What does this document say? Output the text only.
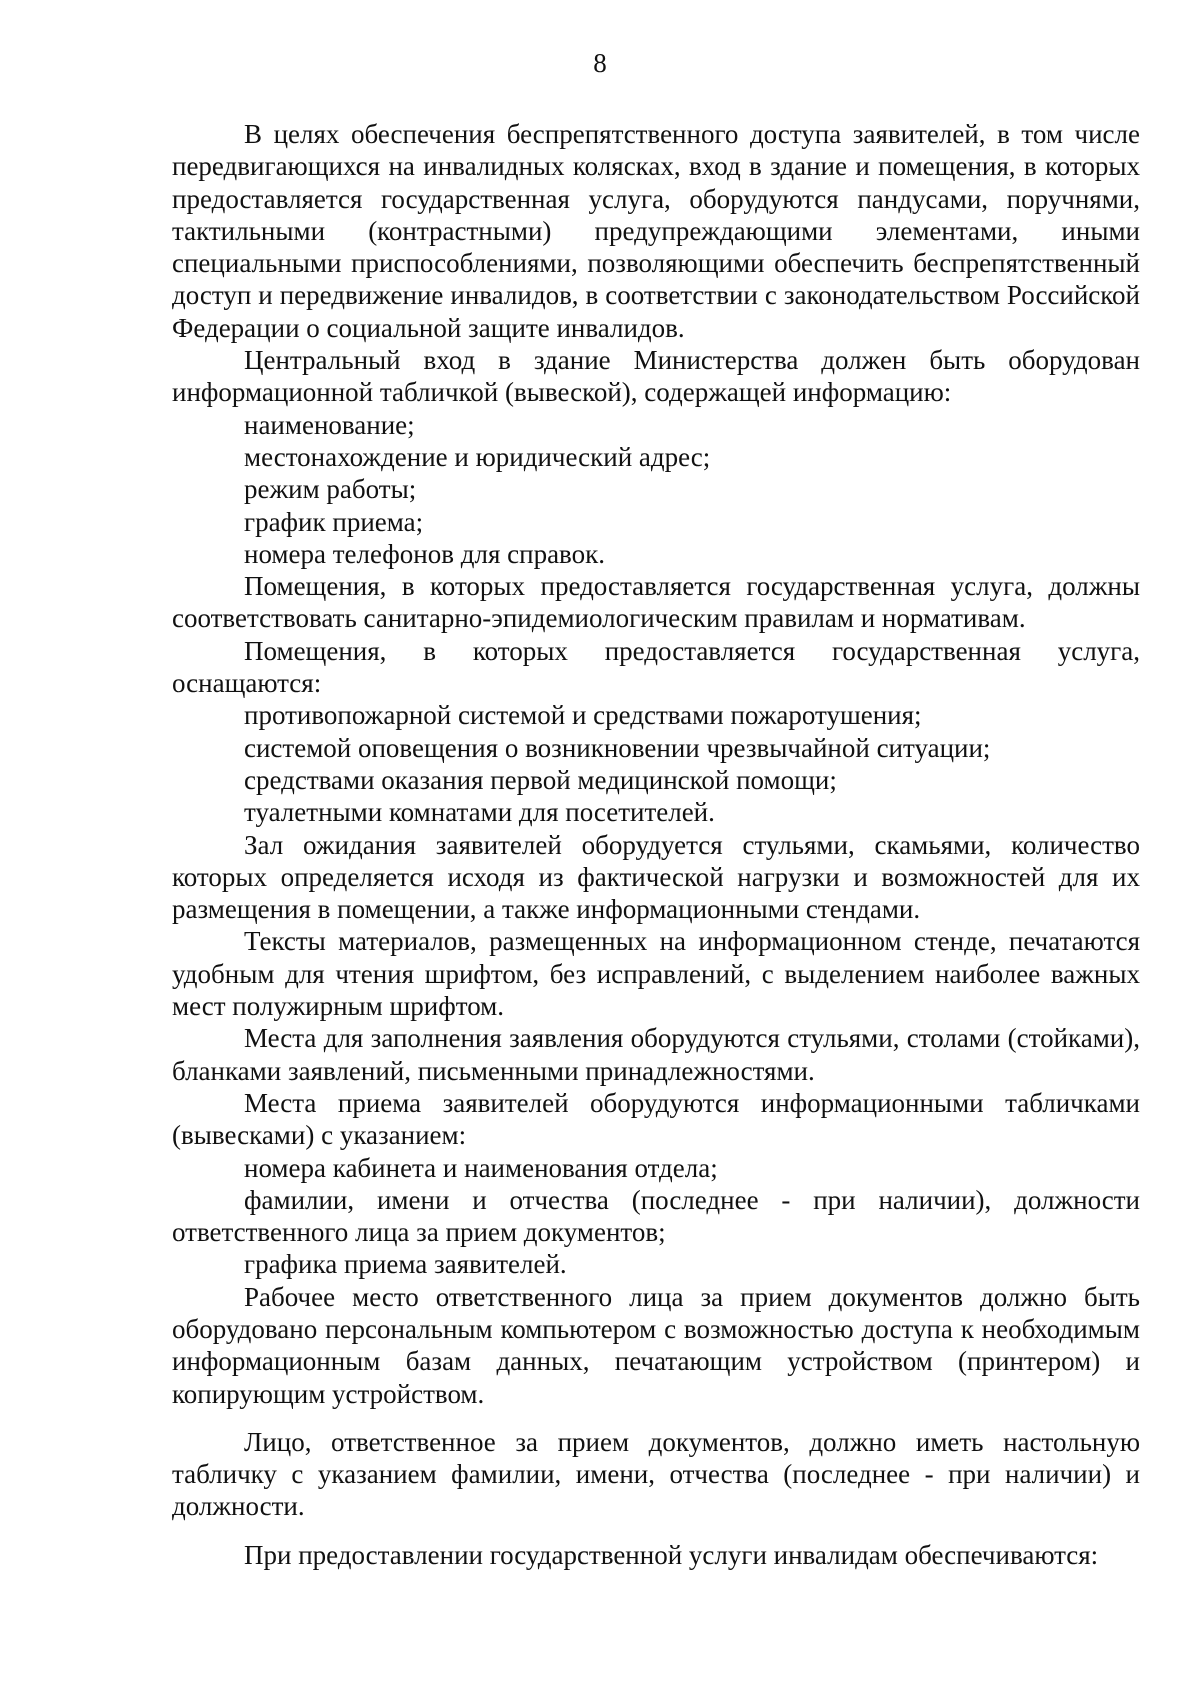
8

В целях обеспечения беспрепятственного доступа заявителей, в том числе передвигающихся на инвалидных колясках, вход в здание и помещения, в которых предоставляется государственная услуга, оборудуются пандусами, поручнями, тактильными (контрастными) предупреждающими элементами, иными специальными приспособлениями, позволяющими обеспечить беспрепятственный доступ и передвижение инвалидов, в соответствии с законодательством Российской Федерации о социальной защите инвалидов.

Центральный вход в здание Министерства должен быть оборудован информационной табличкой (вывеской), содержащей информацию:

наименование;

местонахождение и юридический адрес;

режим работы;

график приема;

номера телефонов для справок.

Помещения, в которых предоставляется государственная услуга, должны соответствовать санитарно-эпидемиологическим правилам и нормативам.

Помещения, в которых предоставляется государственная услуга, оснащаются:

противопожарной системой и средствами пожаротушения;

системой оповещения о возникновении чрезвычайной ситуации;

средствами оказания первой медицинской помощи;

туалетными комнатами для посетителей.

Зал ожидания заявителей оборудуется стульями, скамьями, количество которых определяется исходя из фактической нагрузки и возможностей для их размещения в помещении, а также информационными стендами.

Тексты материалов, размещенных на информационном стенде, печатаются удобным для чтения шрифтом, без исправлений, с выделением наиболее важных мест полужирным шрифтом.

Места для заполнения заявления оборудуются стульями, столами (стойками), бланками заявлений, письменными принадлежностями.

Места приема заявителей оборудуются информационными табличками (вывесками) с указанием:

номера кабинета и наименования отдела;

фамилии, имени и отчества (последнее - при наличии), должности ответственного лица за прием документов;

графика приема заявителей.

Рабочее место ответственного лица за прием документов должно быть оборудовано персональным компьютером с возможностью доступа к необходимым информационным базам данных, печатающим устройством (принтером) и копирующим устройством.

Лицо, ответственное за прием документов, должно иметь настольную табличку с указанием фамилии, имени, отчества (последнее - при наличии) и должности.

При предоставлении государственной услуги инвалидам обеспечиваются:
